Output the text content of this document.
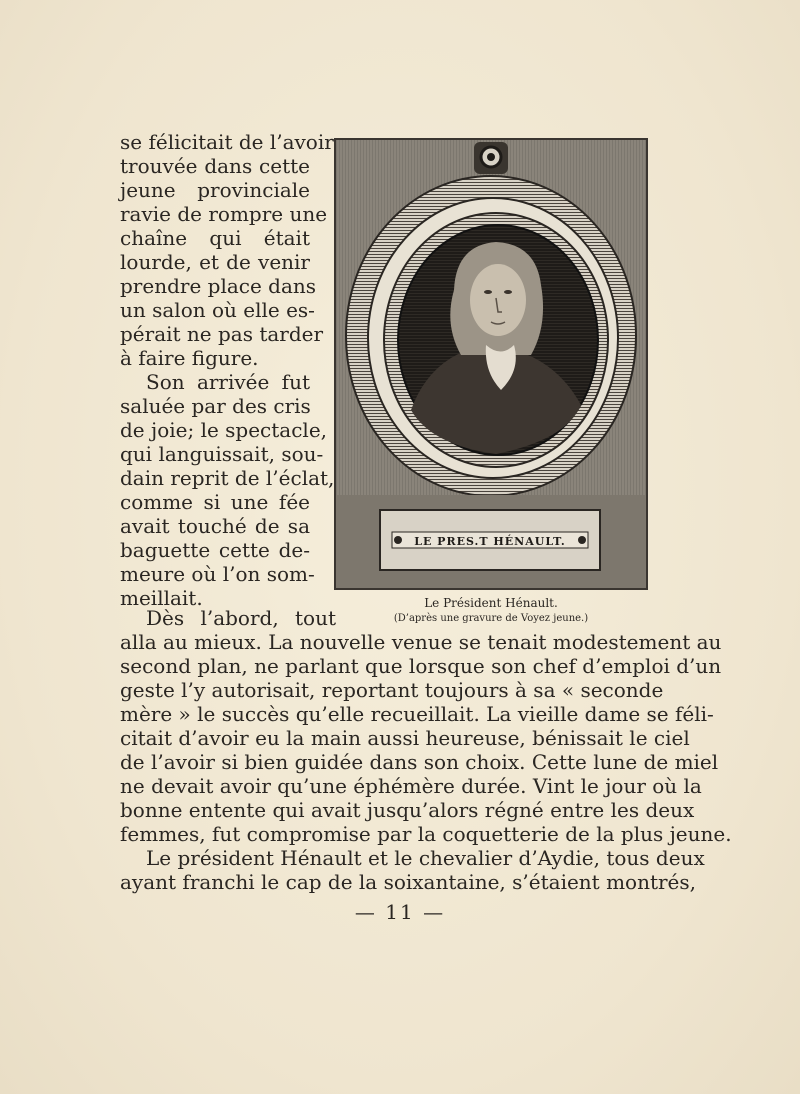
se félicitait de l’avoir
trouvée dans cette
jeune provinciale
ravie de rompre une
chaîne qui était
lourde, et de venir
prendre place dans
un salon où elle es-
pérait ne pas tarder
à faire figure.
Son arrivée fut
saluée par des cris
de joie; le spectacle,
qui languissait, sou-
dain reprit de l’éclat,
comme si une fée
avait touché de sa
baguette cette de-
meure où l’on som-
meillait.
Dès l’abord, tout
alla au mieux. La nouvelle venue se tenait modestement au
second plan, ne parlant que lorsque son chef d’emploi d’un
geste l’y autorisait, reportant toujours à sa « seconde
mère » le succès qu’elle recueillait. La vieille dame se féli-
citait d’avoir eu la main aussi heureuse, bénissait le ciel
de l’avoir si bien guidée dans son choix. Cette lune de miel
ne devait avoir qu’une éphémère durée. Vint le jour où la
bonne entente qui avait jusqu’alors régné entre les deux
femmes, fut compromise par la coquetterie de la plus jeune.
Le président Hénault et le chevalier d’Aydie, tous deux
ayant franchi le cap de la soixantaine, s’étaient montrés,
LE PRES.T HÉNAULT.
Le Président Hénault.
(D’après une gravure de Voyez jeune.)
— 11 —
